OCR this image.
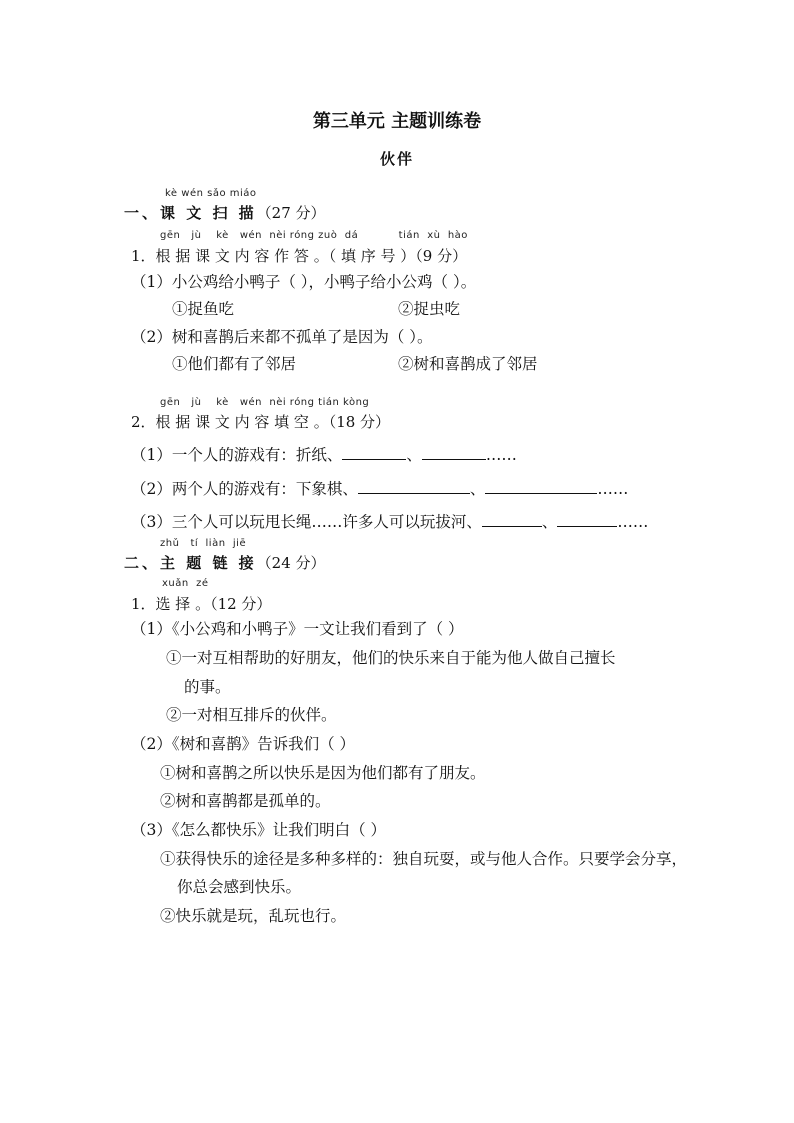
第三单元 主题训练卷
伙伴
kè wén sǎo miáo
一、课 文 扫 描（27 分）
gēn   jù    kè   wén  nèi róng zuò  dá           tián  xù  hào
1．根 据 课 文 内 容 作 答 。（ 填 序 号 ）（9 分）
（1）小公鸡给小鸭子（ ），小鸭子给小公鸡（ ）。
①捉鱼吃	②捉虫吃
（2）树和喜鹊后来都不孤单了是因为（ ）。
①他们都有了邻居	②树和喜鹊成了邻居
gēn   jù    kè   wén  nèi róng tián kòng
2．根 据 课 文 内 容 填 空 。（18 分）
（1）一个人的游戏有：折纸、	、	……
（2）两个人的游戏有：下象棋、	、	……
（3）三个人可以玩甩长绳……许多人可以玩拔河、	、	……
zhǔ   tí  liàn  jiē
二、主 题 链 接（24 分）
xuǎn  zé
1．选 择 。（12 分）
（1）《小公鸡和小鸭子》一文让我们看到了（ ）
①一对互相帮助的好朋友，他们的快乐来自于能为他人做自己擅长
的事。
②一对相互排斥的伙伴。
（2）《树和喜鹊》告诉我们（ ）
①树和喜鹊之所以快乐是因为他们都有了朋友。
②树和喜鹊都是孤单的。
（3）《怎么都快乐》让我们明白（ ）
①获得快乐的途径是多种多样的：独自玩耍，或与他人合作。只要学会分享，
你总会感到快乐。
②快乐就是玩，乱玩也行。
